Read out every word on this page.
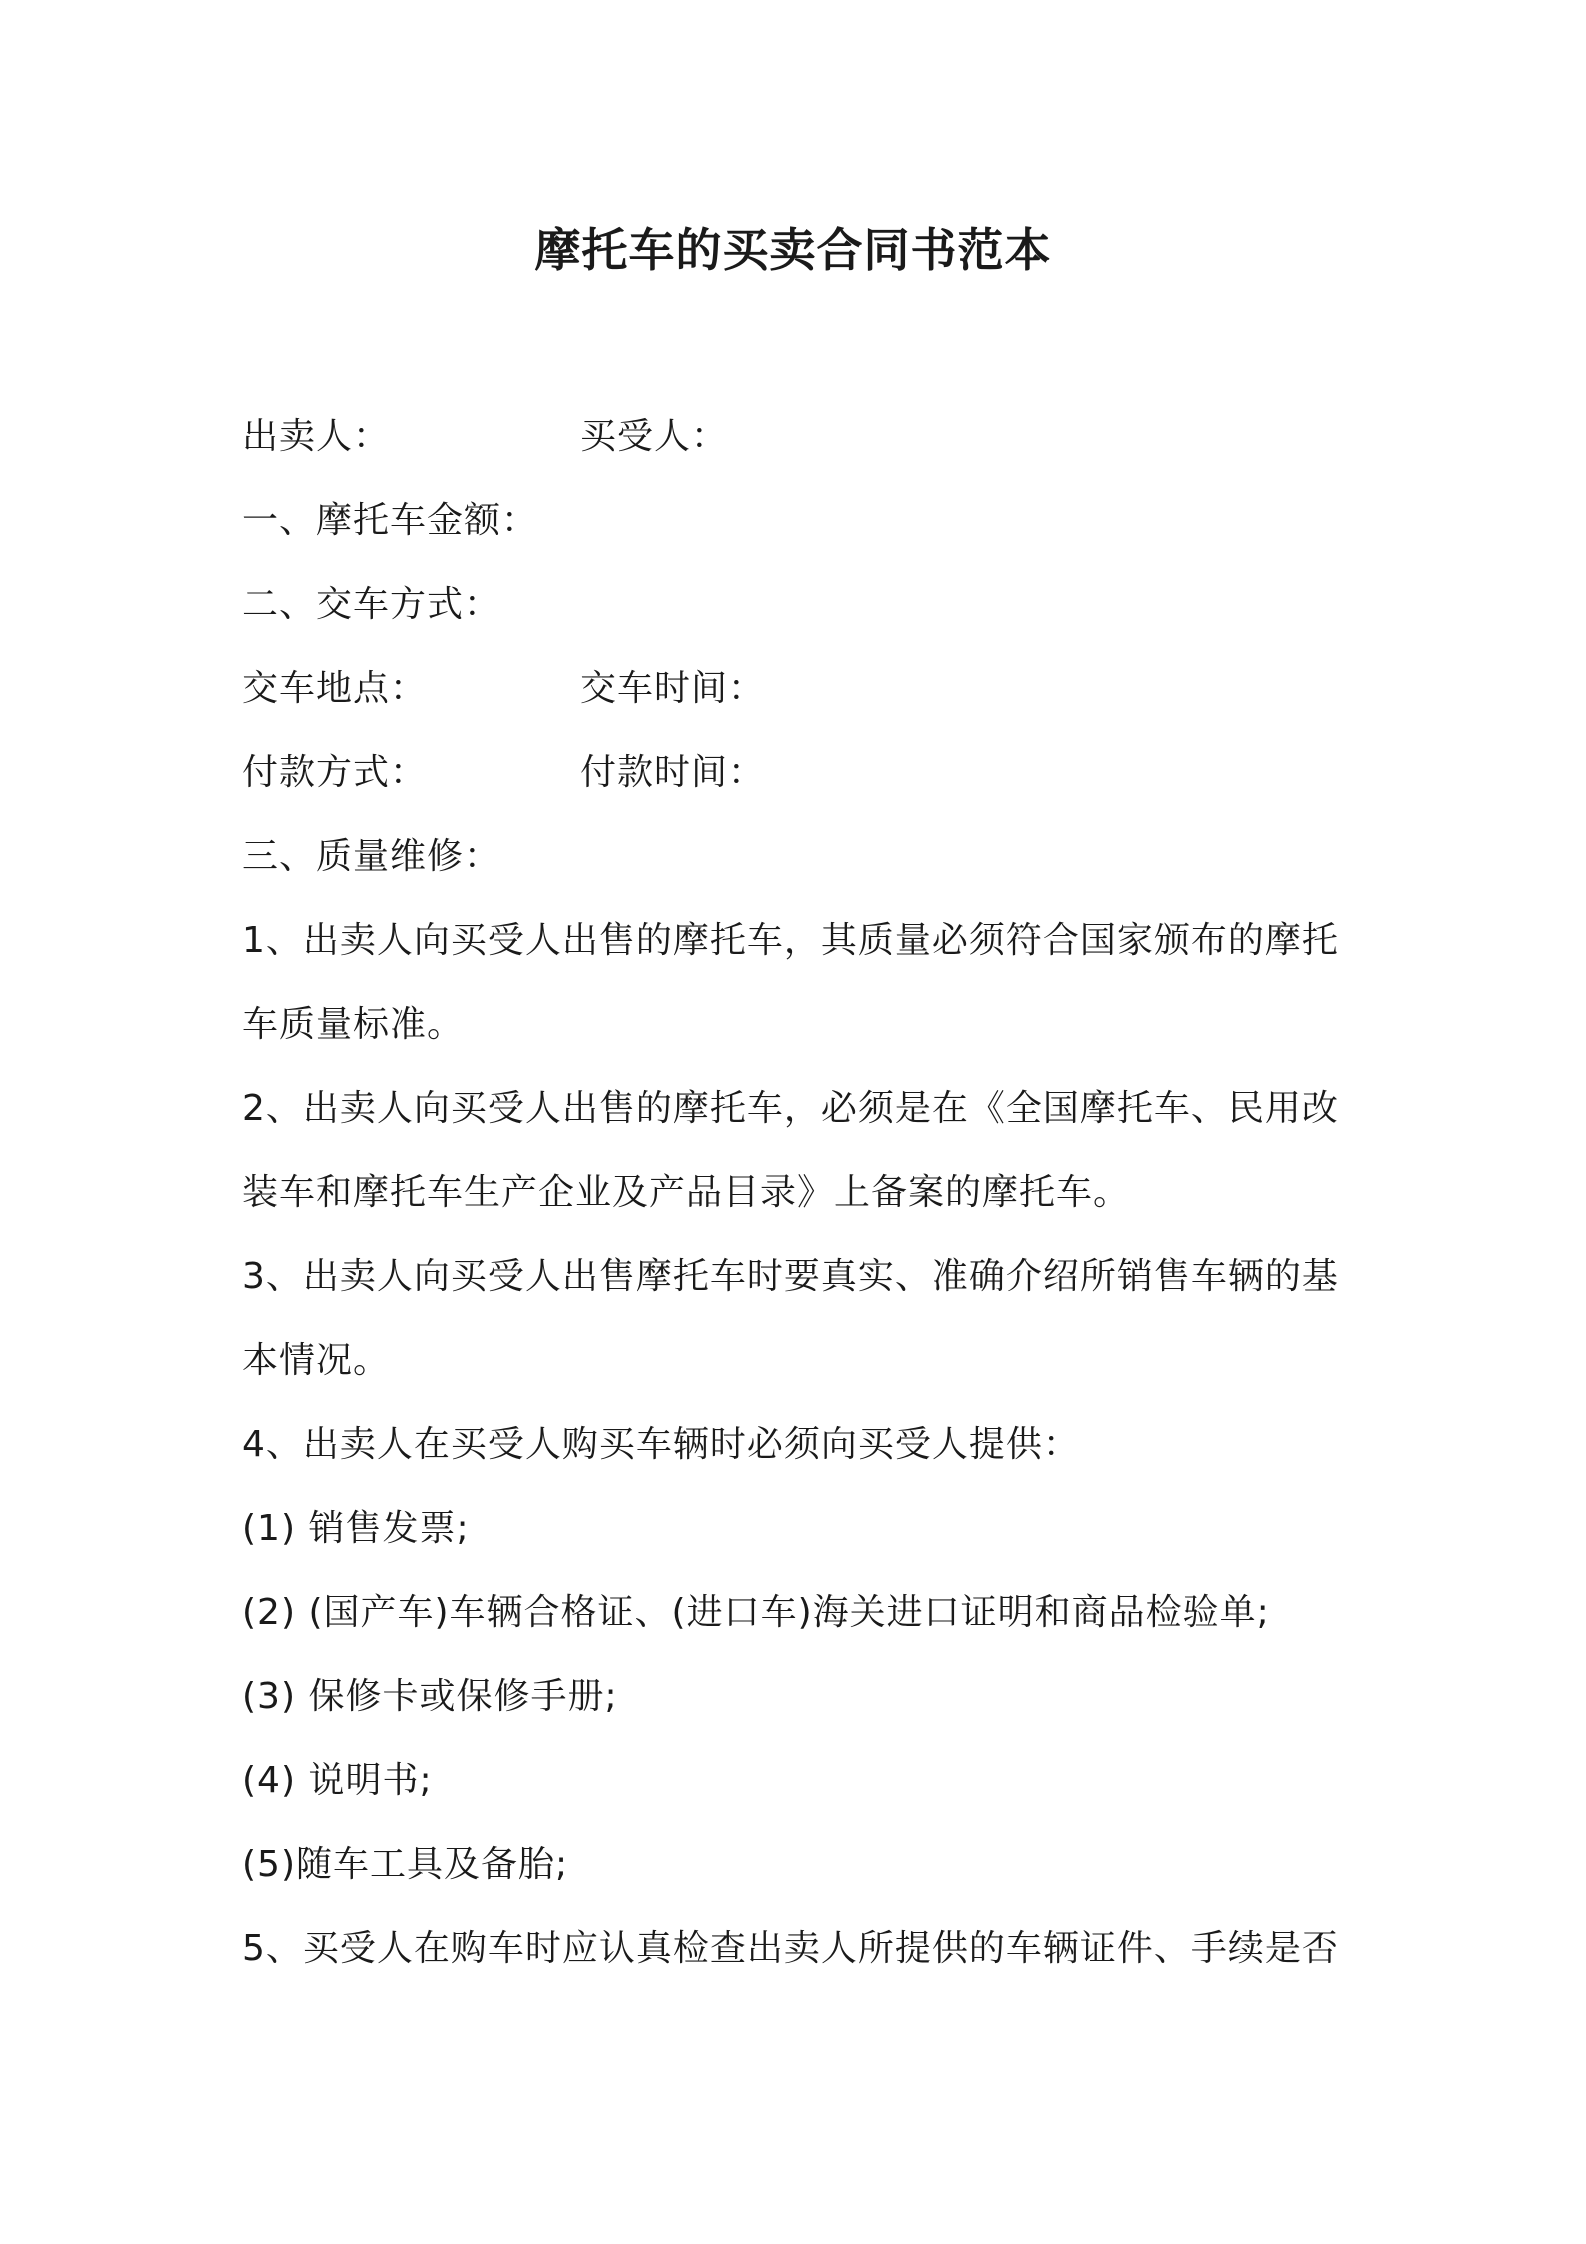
摩托车的买卖合同书范本
出卖人：	买受人：
一、摩托车金额：
二、交车方式：
交车地点：	交车时间：
付款方式：	付款时间：
三、质量维修：

1、出卖人向买受人出售的摩托车，其质量必须符合国家颁布的摩托车质量标准。

2、出卖人向买受人出售的摩托车，必须是在《全国摩托车、民用改装车和摩托车生产企业及产品目录》上备案的摩托车。

3、出卖人向买受人出售摩托车时要真实、准确介绍所销售车辆的基本情况。

4、出卖人在买受人购买车辆时必须向买受人提供：

(1) 销售发票;
(2) (国产车)车辆合格证、(进口车)海关进口证明和商品检验单;
(3) 保修卡或保修手册;
(4) 说明书;
(5)随车工具及备胎;
5、买受人在购车时应认真检查出卖人所提供的车辆证件、手续是否
